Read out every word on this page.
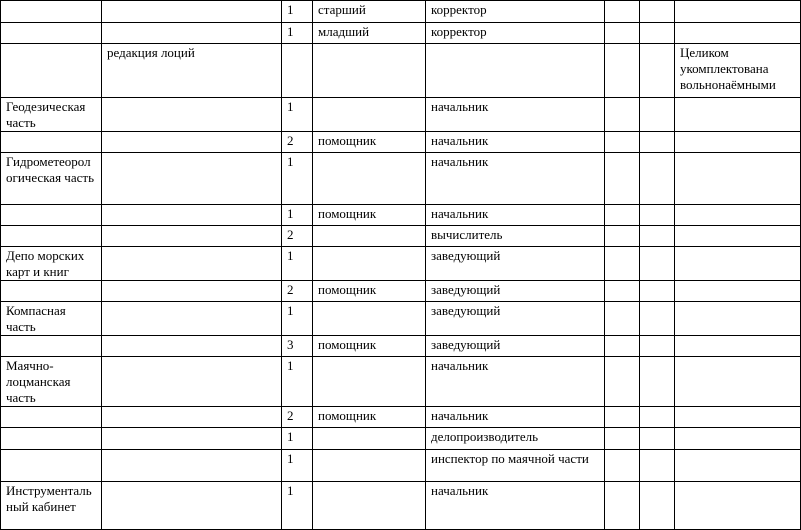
		1	старший	корректор			
		1	младший	корректор			
	редакция лоций						Целиком укомплектована вольнонаёмными
Геодезическая часть		1		начальник			
		2	помощник	начальник			
Гидрометеорологическая часть		1		начальник			
		1	помощник	начальник			
		2		вычислитель			
Депо морских карт и книг		1		заведующий			
		2	помощник	заведующий			
Компасная часть		1		заведующий			
		3	помощник	заведующий			
Маячно-лоцманская часть		1		начальник			
		2	помощник	начальник			
		1		делопроизводитель			
		1		инспектор по маячной части			
Инструментальный кабинет		1		начальник			
